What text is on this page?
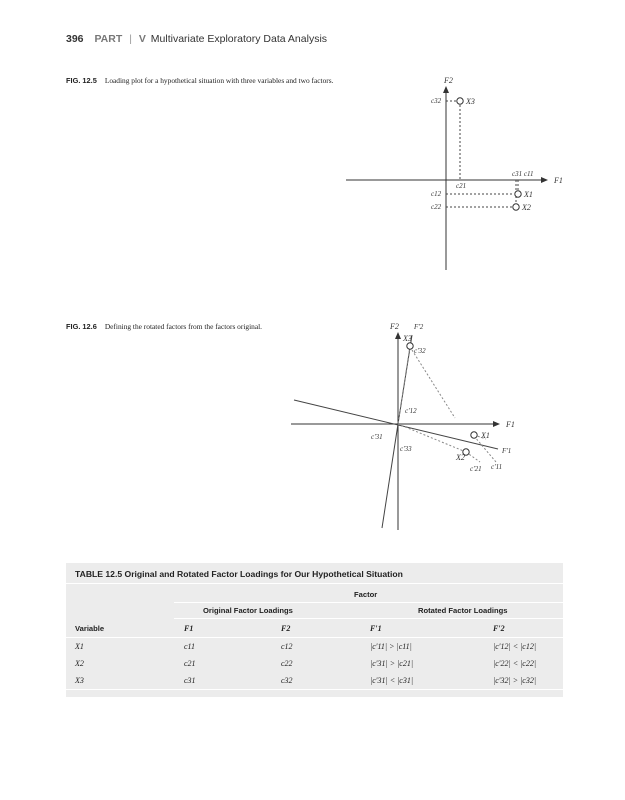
396 PART | V Multivariate Exploratory Data Analysis
FIG. 12.5 Loading plot for a hypothetical situation with three variables and two factors.	F2
c32	X3
c31 c11
F1
c21
c12	X1
c22	X2
FIG. 12.6 Defining the rotated factors from the factors original.	F2 F′2
X3
c′32
c′12
F1
c′31	X1
c′33	F′1
X2
c′21 c′11
TABLE 12.5 Original and Rotated Factor Loadings for Our Hypothetical Situation
Factor
Original Factor Loadings	Rotated Factor Loadings
Variable	F1	F2	F′1	F′2
X1	c11	c12	|c′11| > |c11|	|c′12| < |c12|
X2	c21	c22	|c′31| > |c21|	|c′22| < |c22|
X3	c31	c32	|c′31| < |c31|	|c′32| > |c32|
